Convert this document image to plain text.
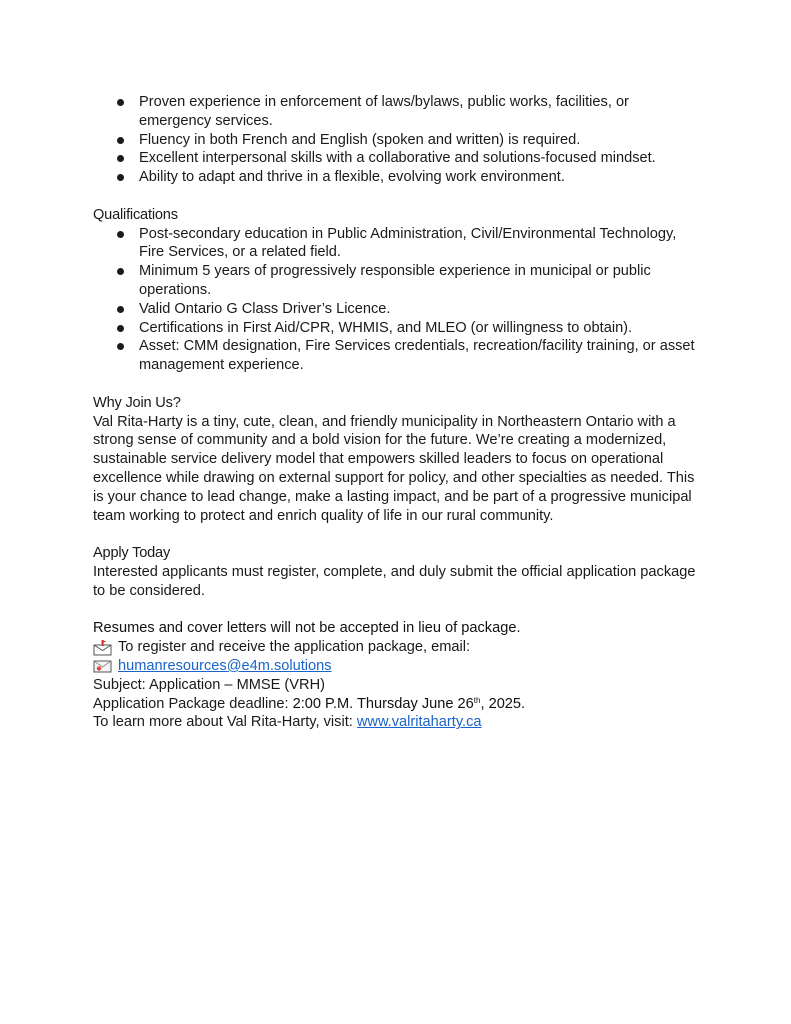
Proven experience in enforcement of laws/bylaws, public works, facilities, or emergency services.
Fluency in both French and English (spoken and written) is required.
Excellent interpersonal skills with a collaborative and solutions-focused mindset.
Ability to adapt and thrive in a flexible, evolving work environment.

Qualifications

Post-secondary education in Public Administration, Civil/Environmental Technology, Fire Services, or a related field.
Minimum 5 years of progressively responsible experience in municipal or public operations.
Valid Ontario G Class Driver’s Licence.
Certifications in First Aid/CPR, WHMIS, and MLEO (or willingness to obtain).
Asset: CMM designation, Fire Services credentials, recreation/facility training, or asset management experience.

Why Join Us?

Val Rita-Harty is a tiny, cute, clean, and friendly municipality in Northeastern Ontario with a strong sense of community and a bold vision for the future. We’re creating a modernized, sustainable service delivery model that empowers skilled leaders to focus on operational excellence while drawing on external support for policy, and other specialties as needed. This is your chance to lead change, make a lasting impact, and be part of a progressive municipal team working to protect and enrich quality of life in our rural community.

Apply Today

Interested applicants must register, complete, and duly submit the official application package to be considered.

Resumes and cover letters will not be accepted in lieu of package.

To register and receive the application package, email:
humanresources@e4m.solutions

Subject: Application – MMSE (VRH)

Application Package deadline: 2:00 P.M. Thursday June 26th, 2025.

To learn more about Val Rita-Harty, visit: www.valritaharty.ca
